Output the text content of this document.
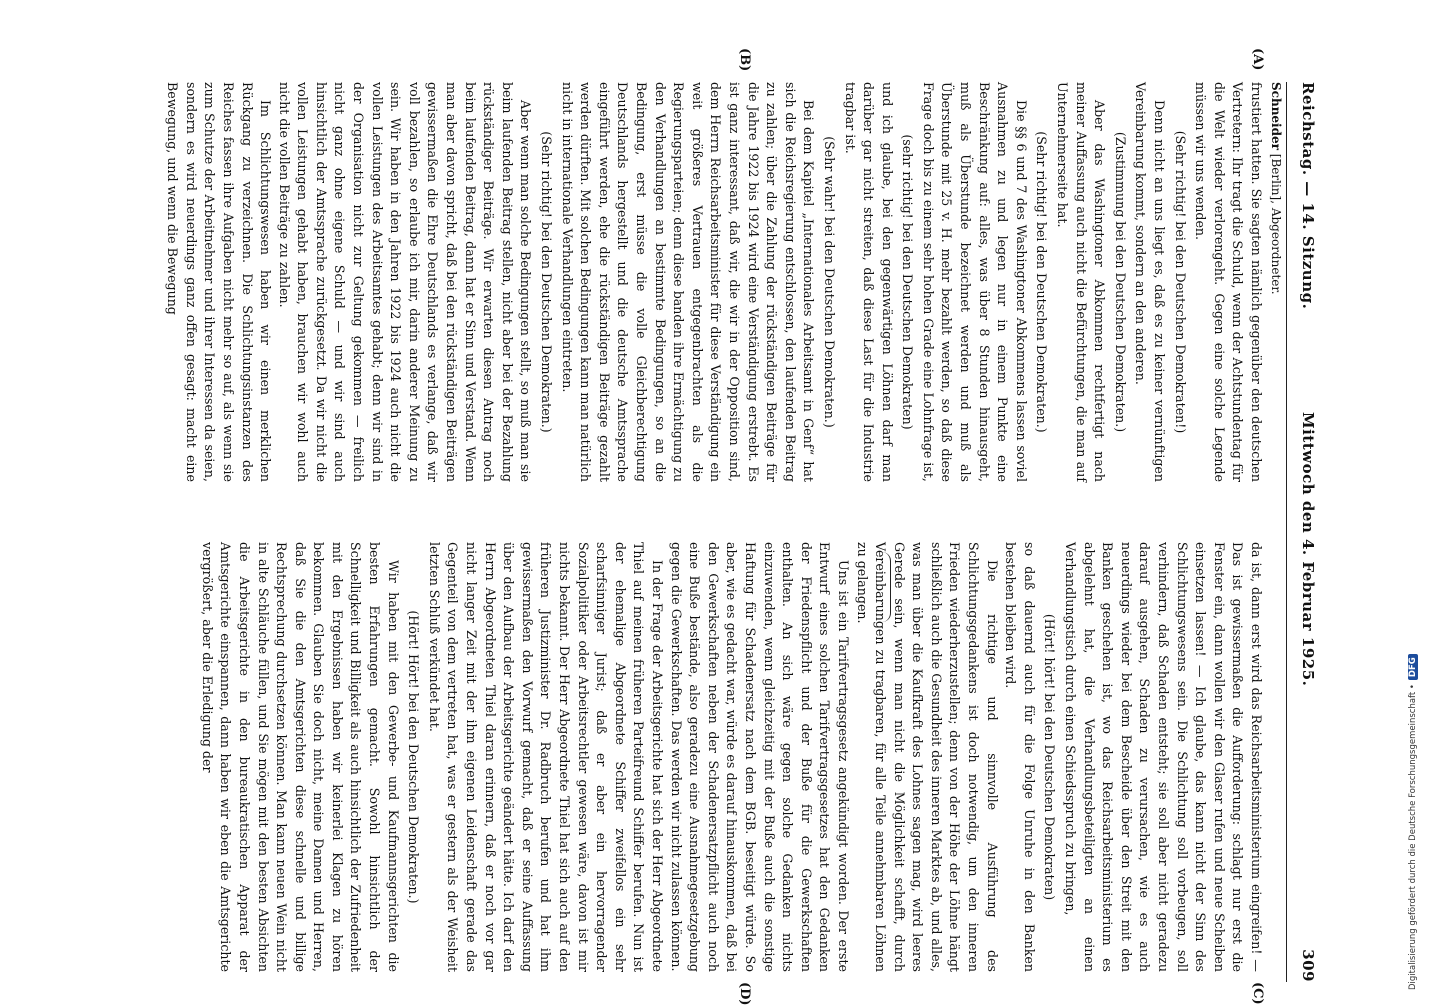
Reichstag. — 14. Sitzung.
Mittwoch den 4. Februar 1925.
309
Schneider [Berlin], Abgeordneter.

frustiert hatten. Sie sagten nämlich gegenüber den deutschen Vertretern: Ihr tragt die Schuld, wenn der Achtstundentag für die Welt wieder verlorengeht. Gegen eine solche Legende müssen wir uns wenden.

(Sehr richtig! bei den Deutschen Demokraten!)

Denn nicht an uns liegt es, daß es zu keiner vernünftigen Vereinbarung kommt, sondern an den anderen.

(Zustimmung bei den Deutschen Demokraten.)

Aber das Washingtoner Abkommen rechtfertigt nach meiner Auffassung auch nicht die Befürchtungen, die man auf Unternehmerseite hat.

(Sehr richtig! bei den Deutschen Demokraten.)

Die §§ 6 und 7 des Washingtoner Abkommens lassen soviel Ausnahmen zu und legen nur in einem Punkte eine Beschränkung auf: alles, was über 8 Stunden hinausgeht, muß als Überstunde bezeichnet werden und muß als Überstunde mit 25 v. H. mehr bezahlt werden, so daß diese Frage doch bis zu einem sehr hohen Grade eine Lohnfrage ist,

(sehr richtig! bei den Deutschen Demokraten)

und ich glaube, bei den gegenwärtigen Löhnen darf man darüber gar nicht streiten, daß diese Last für die Industrie tragbar ist.

(Sehr wahr! bei den Deutschen Demokraten.)

Bei dem Kapitel „Internationales Arbeitsamt in Genf“ hat sich die Reichsregierung entschlossen, den laufenden Beitrag zu zahlen; über die Zahlung der rückständigen Beiträge für die Jahre 1922 bis 1924 wird eine Verständigung erstrebt. Es ist ganz interessant, daß wir, die wir in der Opposition sind, dem Herrn Reichsarbeitsminister für diese Verständigung ein weit größeres Vertrauen entgegenbrachten als die Regierungsparteien; denn diese banden ihre Ermächtigung zu den Verhandlungen an bestimmte Bedingungen, so an die Bedingung, erst müsse die volle Gleichberechtigung Deutschlands hergestellt und die deutsche Amtssprache eingeführt werden, ehe die rückständigen Beiträge gezahlt werden dürften. Mit solchen Bedingungen kann man natürlich nicht in internationale Verhandlungen eintreten.

(Sehr richtig! bei den Deutschen Demokraten.)

Aber wenn man solche Bedingungen stellt, so muß man sie beim laufenden Beitrag stellen, nicht aber bei der Bezahlung rückständiger Beiträge. Wir erwarten diesen Antrag noch beim laufenden Beitrag, dann hat er Sinn und Verstand. Wenn man aber davon spricht, daß bei den rückständigen Beiträgen gewissermaßen die Ehre Deutschlands es verlange, daß wir voll bezahlen, so erlaube ich mir, darin anderer Meinung zu sein. Wir haben in den Jahren 1922 bis 1924 auch nicht die vollen Leistungen des Arbeitsamtes gehabt; denn wir sind in der Organisation nicht zur Geltung gekommen — freilich nicht ganz ohne eigene Schuld — und wir sind auch hinsichtlich der Amtssprache zurückgesetzt. Da wir nicht die vollen Leistungen gehabt haben, brauchen wir wohl auch nicht die vollen Beiträge zu zahlen.

Im Schlichtungswesen haben wir einen merklichen Rückgang zu verzeichnen. Die Schlichtungsinstanzen des Reiches fassen ihre Aufgaben nicht mehr so auf, als wenn sie zum Schutze der Arbeitnehmer und ihrer Interessen da seien, sondern es wird neuerdings ganz offen gesagt: macht eine Bewegung, und wenn die Bewegung

da ist, dann erst wird das Reichsarbeitsministerium eingreifen! — Das ist gewissermaßen die Aufforderung: schlagt nur erst die Fenster ein, dann wollen wir den Glaser rufen und neue Scheiben einsetzen lassen! — Ich glaube, das kann nicht der Sinn des Schlichtungswesens sein. Die Schlichtung soll vorbeugen, soll verhindern, daß Schaden entsteht; sie soll aber nicht geradezu darauf ausgehen, Schaden zu verursachen, wie es auch neuerdings wieder bei dem Bescheide über den Streit mit den Banken geschehen ist, wo das Reichsarbeitsministerium es abgelehnt hat, die Verhandlungsbeteiligten an einen Verhandlungstisch durch einen Schiedsspruch zu bringen,

(Hört! hört! bei den Deutschen Demokraten)

so daß dauernd auch für die Folge Unruhe in den Banken bestehen bleiben wird.

Die richtige und sinnvolle Ausführung des Schlichtungsgedankens ist doch notwendig, um den inneren Frieden wiederherzustellen; denn von der Höhe der Löhne hängt schließlich auch die Gesundheit des inneren Marktes ab, und alles, was man über die Kaufkraft des Lohnes sagen mag, wird leeres Gerede sein, wenn man nicht die Möglichkeit schafft, durch Vereinbarungen zu tragbaren, für alle Teile annehmbaren Löhnen zu gelangen.

Uns ist ein Tarifvertragsgesetz angekündigt worden. Der erste Entwurf eines solchen Tarifvertragsgesetzes hat den Gedanken der Friedenspflicht und der Buße für die Gewerkschaften enthalten. An sich wäre gegen solche Gedanken nichts einzuwenden, wenn gleichzeitig mit der Buße auch die sonstige Haftung für Schadenersatz nach dem BGB. beseitigt würde. So aber, wie es gedacht war, würde es darauf hinauskommen, daß bei den Gewerkschaften neben der Schadenersatzpflicht auch noch eine Buße bestände, also geradezu eine Ausnahmegesetzgebung gegen die Gewerkschaften. Das werden wir nicht zulassen können.

In der Frage der Arbeitsgerichte hat sich der Herr Abgeordnete Thiel auf meinen früheren Parteifreund Schiffer berufen. Nun ist der ehemalige Abgeordnete Schiffer zweifellos ein sehr scharfsinniger Jurist; daß er aber ein hervorragender Sozialpolitiker oder Arbeitsrechtler gewesen wäre, davon ist mir nichts bekannt. Der Herr Abgeordnete Thiel hat sich auch auf den früheren Justizminister Dr. Radbruch berufen und hat ihm gewissermaßen den Vorwurf gemacht, daß er seine Auffassung über den Aufbau der Arbeitsgerichte geändert hätte. Ich darf den Herrn Abgeordneten Thiel daran erinnern, daß er noch vor gar nicht langer Zeit mit der ihm eigenen Leidenschaft gerade das Gegenteil von dem vertreten hat, was er gestern als der Weisheit letzten Schluß verkündet hat.

(Hört! Hört! bei den Deutschen Demokraten.)

Wir haben mit den Gewerbe- und Kaufmannsgerichten die besten Erfahrungen gemacht. Sowohl hinsichtlich der Schnelligkeit und Billigkeit als auch hinsichtlich der Zufriedenheit mit den Ergebnissen haben wir keinerlei Klagen zu hören bekommen. Glauben Sie doch nicht, meine Damen und Herren, daß Sie die den Amtsgerichten diese schnelle und billige Rechtsprechung durchsetzen können. Man kann neuen Wein nicht in alte Schläuche füllen, und Sie mögen mit den besten Absichten die Arbeitsgerichte in den bureaukratischen Apparat der Amtsgerichte einspannen, dann haben wir eben die Amtsgerichte vergrößert, aber die Erledigung der

(A)
(B)
(C)
(D)
Digitalisierung gefördert durch die Deutsche Forschungsgemeinschaft •DFG
